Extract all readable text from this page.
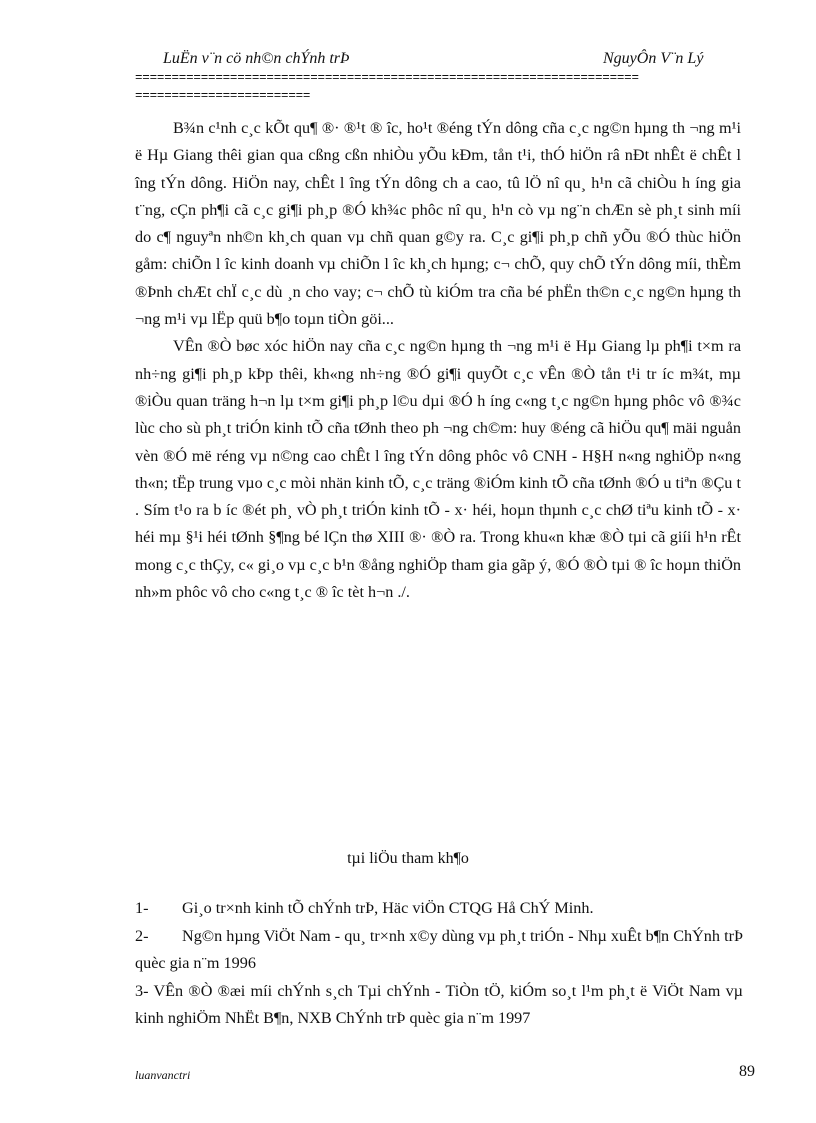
LuËn v¨n cö nh©n chÝnh trÞ	NguyÔn V¨n Lý
=====================================================================
========================

B¾n c¹nh c¸c kÕt qu¶ ®· ®¹t ® îc, ho¹t ®éng tÝn dông cña c¸c ng©n hµng th ¬ng m¹i ë Hµ Giang thêi gian qua cßng cßn nhiÒu yÕu kÐm, tån t¹i, thÓ hiÖn râ nÐt nhÊt ë chÊt l îng tÝn dông. HiÖn nay, chÊt l îng tÝn dông ch a cao, tû lÖ nî qu¸ h¹n cã chiÒu h íng gia t¨ng, cÇn ph¶i cã c¸c gi¶i ph¸p ®Ó kh¾c phôc nî qu¸ h¹n cò vµ ng¨n chÆn sè ph¸t sinh míi do c¶ nguyªn nh©n kh¸ch quan vµ chñ quan g©y ra. C¸c gi¶i ph¸p chñ yÕu ®Ó thùc hiÖn gåm: chiÕn l îc kinh doanh vµ chiÕn l îc kh¸ch hµng; c¬ chÕ, quy chÕ tÝn dông míi, thÈm ®Þnh chÆt chÏ c¸c dù ¸n cho vay; c¬ chÕ tù kiÓm tra cña bé phËn th©n c¸c ng©n hµng th ¬ng m¹i vµ lËp quü b¶o toµn tiÒn göi...

VÊn ®Ò bøc xóc hiÖn nay cña c¸c ng©n hµng th ¬ng m¹i ë Hµ Giang lµ ph¶i t×m ra nh÷ng gi¶i ph¸p kÞp thêi, kh«ng nh÷ng ®Ó gi¶i quyÕt c¸c vÊn ®Ò tån t¹i tr íc m¾t, mµ ®iÒu quan träng h¬n lµ t×m gi¶i ph¸p l©u dµi ®Ó h íng c«ng t¸c ng©n hµng phôc vô ®¾c lùc cho sù ph¸t triÓn kinh tÕ cña tØnh theo ph ¬ng ch©m: huy ®éng cã hiÖu qu¶ mäi nguån vèn ®Ó më réng vµ n©ng cao chÊt l îng tÝn dông phôc vô CNH - H§H n«ng nghiÖp n«ng th«n; tËp trung vµo c¸c mòi nhän kinh tÕ, c¸c träng ®iÓm kinh tÕ cña tØnh ®Ó u tiªn ®Çu t . Sím t¹o ra b íc ®ét ph¸ vÒ ph¸t triÓn kinh tÕ - x· héi, hoµn thµnh c¸c chØ tiªu kinh tÕ - x· héi mµ §¹i héi tØnh §¶ng bé lÇn thø XIII ®· ®Ò ra. Trong khu«n khæ ®Ò tµi cã giíi h¹n rÊt mong c¸c thÇy, c« gi¸o vµ c¸c b¹n ®ång nghiÖp tham gia gãp ý, ®Ó ®Ò tµi ® îc hoµn thiÖn nh»m phôc vô cho c«ng t¸c ® îc tèt h¬n ./.

tµi liÖu tham kh¶o

1- Gi¸o tr×nh kinh tÕ chÝnh trÞ, Häc viÖn CTQG Hå ChÝ Minh.

2- Ng©n hµng ViÖt Nam - qu¸ tr×nh x©y dùng vµ ph¸t triÓn - Nhµ xuÊt b¶n ChÝnh trÞ quèc gia n¨m 1996

3- VÊn ®Ò ®æi míi chÝnh s¸ch Tµi chÝnh - TiÒn tÖ, kiÓm so¸t l¹m ph¸t ë ViÖt Nam vµ kinh nghiÖm NhËt B¶n, NXB ChÝnh trÞ quèc gia n¨m 1997

luanvanctri	89
